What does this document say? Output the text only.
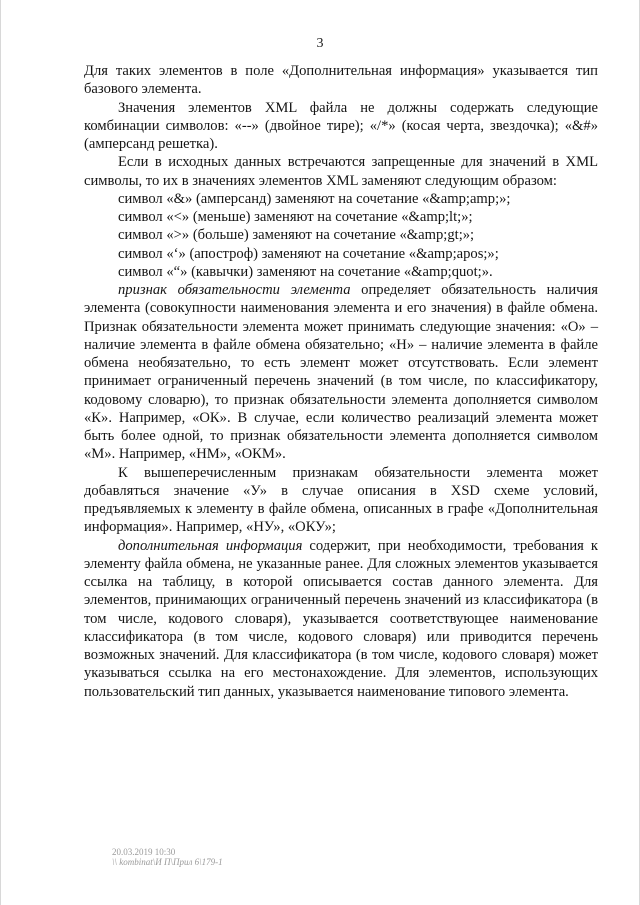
3

Для таких элементов в поле «Дополнительная информация» указывается тип базового элемента.

Значения элементов XML файла не должны содержать следующие комбинации символов: «--» (двойное тире); «/*» (косая черта, звездочка); «&#» (амперсанд решетка).

Если в исходных данных встречаются запрещенные для значений в XML символы, то их в значениях элементов XML заменяют следующим образом:

символ «&» (амперсанд) заменяют на сочетание «&amp;amp;»;

символ «<» (меньше) заменяют на сочетание «&amp;lt;»;

символ «>» (больше) заменяют на сочетание «&amp;gt;»;

символ «‘» (апостроф) заменяют на сочетание «&amp;apos;»;

символ «“» (кавычки) заменяют на сочетание «&amp;quot;».

признак обязательности элемента определяет обязательность наличия элемента (совокупности наименования элемента и его значения) в файле обмена. Признак обязательности элемента может принимать следующие значения: «О» – наличие элемента в файле обмена обязательно; «Н» – наличие элемента в файле обмена необязательно, то есть элемент может отсутствовать. Если элемент принимает ограниченный перечень значений (в том числе, по классификатору, кодовому словарю), то признак обязательности элемента дополняется символом «К». Например, «ОК». В случае, если количество реализаций элемента может быть более одной, то признак обязательности элемента дополняется символом «М». Например, «НМ», «ОКМ».

К вышеперечисленным признакам обязательности элемента может добавляться значение «У» в случае описания в XSD схеме условий, предъявляемых к элементу в файле обмена, описанных в графе «Дополнительная информация». Например, «НУ», «ОКУ»;

дополнительная информация содержит, при необходимости, требования к элементу файла обмена, не указанные ранее. Для сложных элементов указывается ссылка на таблицу, в которой описывается состав данного элемента. Для элементов, принимающих ограниченный перечень значений из классификатора (в том числе, кодового словаря), указывается соответствующее наименование классификатора (в том числе, кодового словаря) или приводится перечень возможных значений. Для классификатора (в том числе, кодового словаря) может указываться ссылка на его местонахождение. Для элементов, использующих пользовательский тип данных, указывается наименование типового элемента.

20.03.2019 10:30
\\ kombinat\И П\Прил 6\179-1
